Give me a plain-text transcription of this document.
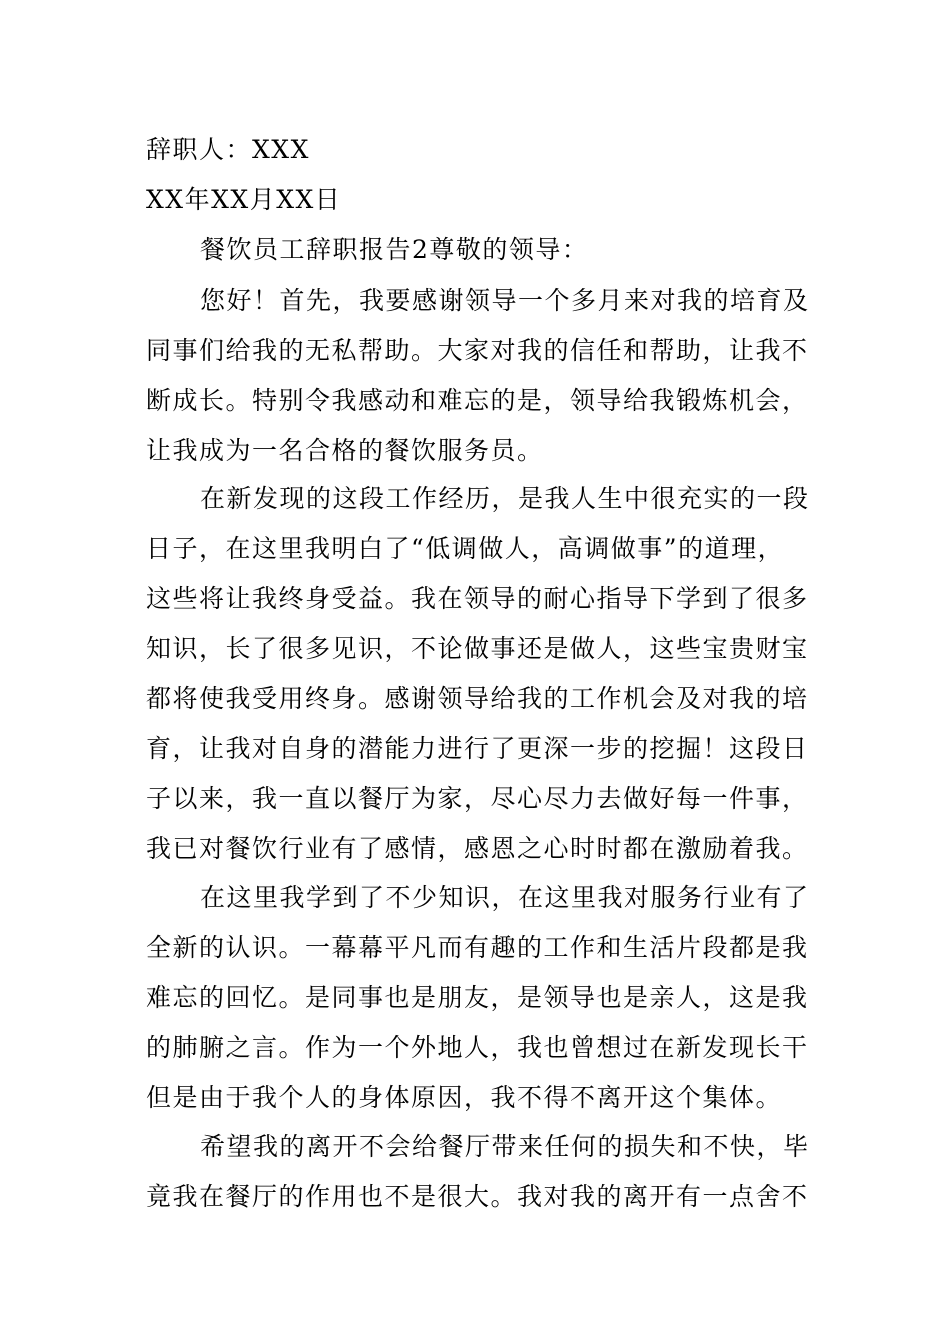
辞职人：XXX
XX年XX月XX日
餐饮员工辞职报告2尊敬的领导：
您好！首先，我要感谢领导一个多月来对我的培育及
同事们给我的无私帮助。大家对我的信任和帮助，让我不
断成长。特别令我感动和难忘的是，领导给我锻炼机会，
让我成为一名合格的餐饮服务员。
在新发现的这段工作经历，是我人生中很充实的一段
日子，在这里我明白了“低调做人，高调做事”的道理，
这些将让我终身受益。我在领导的耐心指导下学到了很多
知识，长了很多见识，不论做事还是做人，这些宝贵财宝
都将使我受用终身。感谢领导给我的工作机会及对我的培
育，让我对自身的潜能力进行了更深一步的挖掘！这段日
子以来，我一直以餐厅为家，尽心尽力去做好每一件事，
我已对餐饮行业有了感情，感恩之心时时都在激励着我。
在这里我学到了不少知识，在这里我对服务行业有了
全新的认识。一幕幕平凡而有趣的工作和生活片段都是我
难忘的回忆。是同事也是朋友，是领导也是亲人，这是我
的肺腑之言。作为一个外地人，我也曾想过在新发现长干
但是由于我个人的身体原因，我不得不离开这个集体。
希望我的离开不会给餐厅带来任何的损失和不快，毕
竟我在餐厅的作用也不是很大。我对我的离开有一点舍不
